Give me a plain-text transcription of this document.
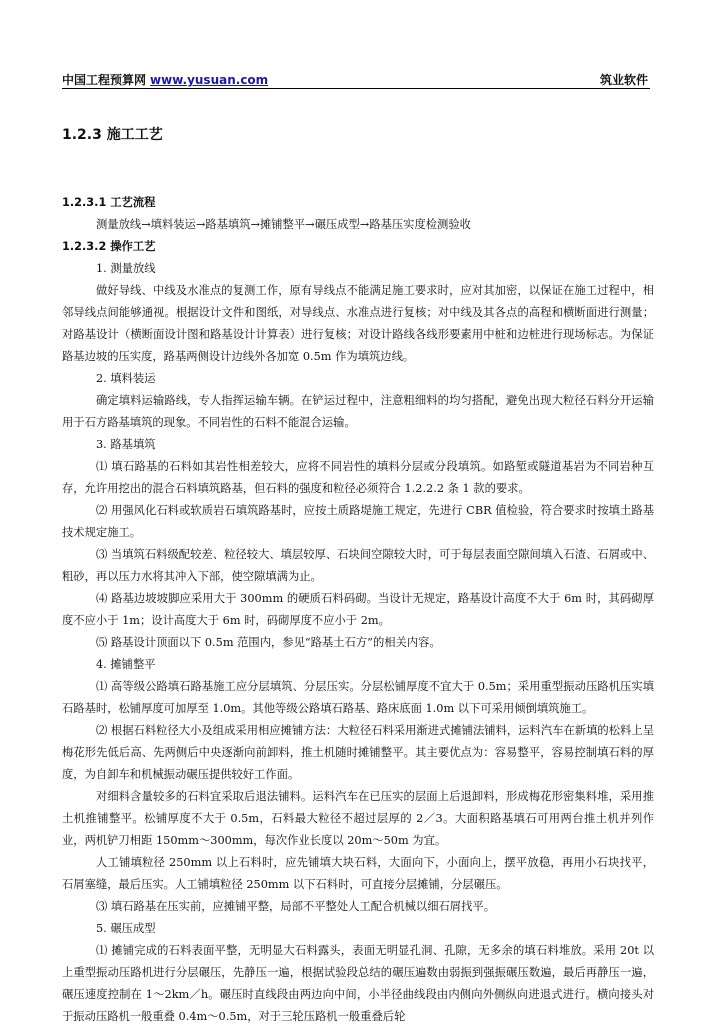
中国工程预算网 www.yusuan.com	筑业软件
1.2.3 施工工艺

1.2.3.1 工艺流程

测量放线→填料装运→路基填筑→摊铺整平→碾压成型→路基压实度检测验收

1.2.3.2 操作工艺

1. 测量放线

做好导线、中线及水准点的复测工作，原有导线点不能满足施工要求时，应对其加密，以保证在施工过程中，相邻导线点间能够通视。根据设计文件和图纸，对导线点、水准点进行复核；对中线及其各点的高程和横断面进行测量；对路基设计（横断面设计图和路基设计计算表）进行复核；对设计路线各线形要素用中桩和边桩进行现场标志。为保证路基边坡的压实度，路基两侧设计边线外各加宽 0.5m 作为填筑边线。

2. 填料装运

确定填料运输路线，专人指挥运输车辆。在铲运过程中，注意粗细料的均匀搭配，避免出现大粒径石料分开运输用于石方路基填筑的现象。不同岩性的石料不能混合运输。

3. 路基填筑

⑴ 填石路基的石料如其岩性相差较大，应将不同岩性的填料分层或分段填筑。如路堑或隧道基岩为不同岩种互存，允许用挖出的混合石料填筑路基，但石料的强度和粒径必须符合 1.2.2.2 条 1 款的要求。

⑵ 用强风化石料或软质岩石填筑路基时，应按土质路堤施工规定，先进行 CBR 值检验，符合要求时按填土路基技术规定施工。

⑶ 当填筑石料级配较差、粒径较大、填层较厚、石块间空隙较大时，可于每层表面空隙间填入石渣、石屑或中、粗砂，再以压力水将其冲入下部，使空隙填满为止。

⑷ 路基边坡坡脚应采用大于 300mm 的硬质石料码砌。当设计无规定，路基设计高度不大于 6m 时，其码砌厚度不应小于 1m；设计高度大于 6m 时，码砌厚度不应小于 2m。

⑸ 路基设计顶面以下 0.5m 范围内，参见“路基土石方”的相关内容。

4. 摊铺整平

⑴ 高等级公路填石路基施工应分层填筑、分层压实。分层松铺厚度不宜大于 0.5m；采用重型振动压路机压实填石路基时，松铺厚度可加厚至 1.0m。其他等级公路填石路基、路床底面 1.0m 以下可采用倾倒填筑施工。

⑵ 根据石料粒径大小及组成采用相应摊铺方法：大粒径石料采用渐进式摊铺法铺料，运料汽车在新填的松料上呈梅花形先低后高、先两侧后中央逐渐向前卸料，推土机随时摊铺整平。其主要优点为：容易整平，容易控制填石料的厚度，为自卸车和机械振动碾压提供较好工作面。

对细料含量较多的石料宜采取后退法铺料。运料汽车在已压实的层面上后退卸料，形成梅花形密集料堆，采用推土机推铺整平。松铺厚度不大于 0.5m，石料最大粒径不超过层厚的 2／3。大面积路基填石可用两台推土机并列作业，两机铲刀相距 150mm～300mm，每次作业长度以 20m～50m 为宜。

人工铺填粒径 250mm 以上石料时，应先铺填大块石料，大面向下，小面向上，摆平放稳，再用小石块找平，石屑塞缝，最后压实。人工铺填粒径 250mm 以下石料时，可直接分层摊铺，分层碾压。

⑶ 填石路基在压实前，应摊铺平整，局部不平整处人工配合机械以细石屑找平。

5. 碾压成型

⑴ 摊铺完成的石料表面平整，无明显大石料露头，表面无明显孔洞、孔隙，无多余的填石料堆放。采用 20t 以上重型振动压路机进行分层碾压，先静压一遍，根据试验段总结的碾压遍数由弱振到强振碾压数遍，最后再静压一遍，碾压速度控制在 1～2km／h。碾压时直线段由两边向中间，小半径曲线段由内侧向外侧纵向进退式进行。横向接头对于振动压路机一般重叠 0.4m～0.5m，对于三轮压路机一般重叠后轮
